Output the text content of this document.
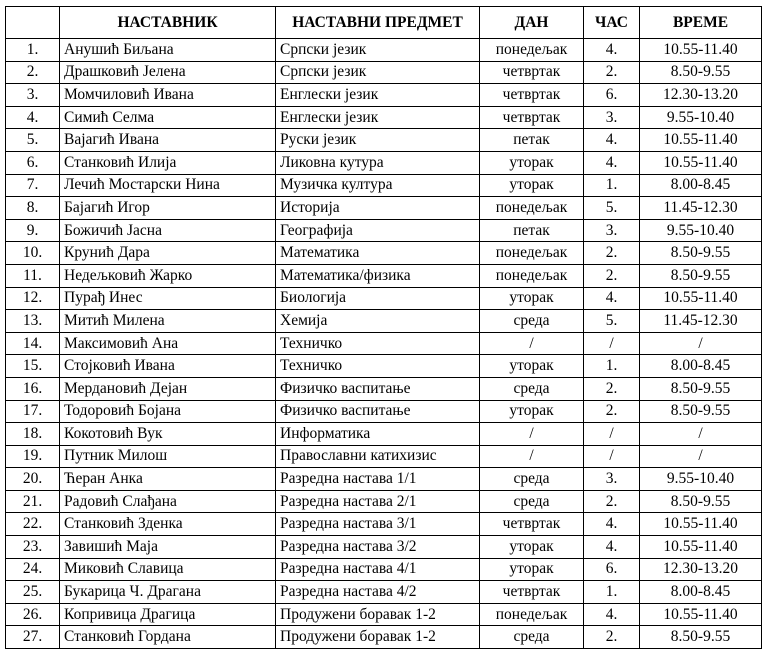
	НАСТАВНИК	НАСТАВНИ ПРЕДМЕТ	ДАН	ЧАС	ВРЕМЕ
1.	Анушић Биљана	Српски језик	понедељак	4.	10.55-11.40
2.	Драшковић Јелена	Српски језик	четвртак	2.	8.50-9.55
3.	Момчиловић Ивана	Енглески језик	четвртак	6.	12.30-13.20
4.	Симић Селма	Енглески језик	четвртак	3.	9.55-10.40
5.	Вајагић Ивана	Руски језик	петак	4.	10.55-11.40
6.	Станковић Илија	Ликовна кутура	уторак	4.	10.55-11.40
7.	Лечић Мостарски Нина	Музичка култура	уторак	1.	8.00-8.45
8.	Бајагић Игор	Историја	понедељак	5.	11.45-12.30
9.	Божичић Јасна	Географија	петак	3.	9.55-10.40
10.	Крунић Дара	Математика	понедељак	2.	8.50-9.55
11.	Недељковић Жарко	Математика/физика	понедељак	2.	8.50-9.55
12.	Пурађ Инес	Биологија	уторак	4.	10.55-11.40
13.	Митић Милена	Хемија	среда	5.	11.45-12.30
14.	Максимовић Ана	Техничко	/	/	/
15.	Стојковић Ивана	Техничко	уторак	1.	8.00-8.45
16.	Мердановић Дејан	Физичко васпитање	среда	2.	8.50-9.55
17.	Тодоровић Бојана	Физичко васпитање	уторак	2.	8.50-9.55
18.	Кокотовић Вук	Информатика	/	/	/
19.	Путник Милош	Православни катихизис	/	/	/
20.	Ћеран Анка	Разредна настава 1/1	среда	3.	9.55-10.40
21.	Радовић Слађана	Разредна настава 2/1	среда	2.	8.50-9.55
22.	Станковић Зденка	Разредна настава 3/1	четвртак	4.	10.55-11.40
23.	Завишић Маја	Разредна настава 3/2	уторак	4.	10.55-11.40
24.	Миковић Славица	Разредна настава 4/1	уторак	6.	12.30-13.20
25.	Букарица Ч. Драгана	Разредна настава 4/2	четвртак	1.	8.00-8.45
26.	Копривица Драгица	Продужени боравак 1-2	понедељак	4.	10.55-11.40
27.	Станковић Гордана	Продужени боравак 1-2	среда	2.	8.50-9.55
